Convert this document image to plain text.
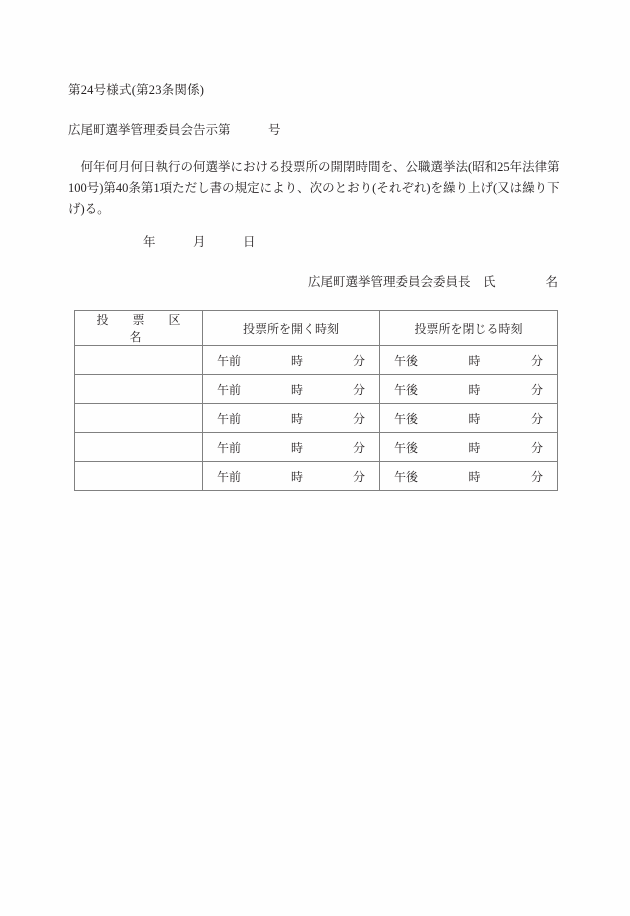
第24号様式(第23条関係)
広尾町選挙管理委員会告示第　　　号
　何年何月何日執行の何選挙における投票所の開閉時間を、公職選挙法(昭和25年法律第
100号)第40条第1項ただし書の規定により、次のとおり(それぞれ)を繰り上げ(又は繰り下
げ)る。
　　　　　　年　　　月　　　日
広尾町選挙管理委員会委員長　氏　　　　名
投　票　区　名	投票所を開く時刻	投票所を閉じる時刻

	午前 時 分	午後 時 分

	午前 時 分	午後 時 分

	午前 時 分	午後 時 分

	午前 時 分	午後 時 分

	午前 時 分	午後 時 分
